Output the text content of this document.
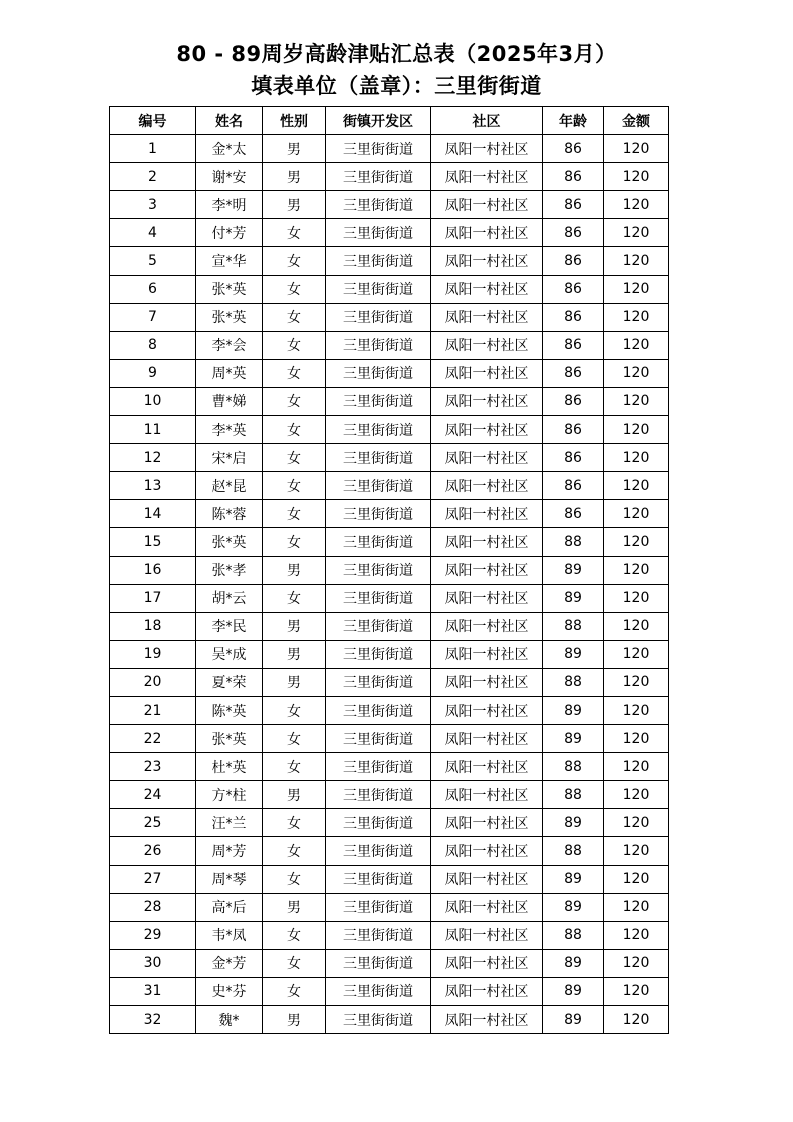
80 - 89周岁高龄津贴汇总表（2025年3月）
填表单位（盖章）：三里街街道
编号	姓名	性别	街镇开发区	社区	年龄	金额
1	金*太	男	三里街街道	凤阳一村社区	86	120
2	谢*安	男	三里街街道	凤阳一村社区	86	120
3	李*明	男	三里街街道	凤阳一村社区	86	120
4	付*芳	女	三里街街道	凤阳一村社区	86	120
5	宣*华	女	三里街街道	凤阳一村社区	86	120
6	张*英	女	三里街街道	凤阳一村社区	86	120
7	张*英	女	三里街街道	凤阳一村社区	86	120
8	李*会	女	三里街街道	凤阳一村社区	86	120
9	周*英	女	三里街街道	凤阳一村社区	86	120
10	曹*娣	女	三里街街道	凤阳一村社区	86	120
11	李*英	女	三里街街道	凤阳一村社区	86	120
12	宋*启	女	三里街街道	凤阳一村社区	86	120
13	赵*昆	女	三里街街道	凤阳一村社区	86	120
14	陈*蓉	女	三里街街道	凤阳一村社区	86	120
15	张*英	女	三里街街道	凤阳一村社区	88	120
16	张*孝	男	三里街街道	凤阳一村社区	89	120
17	胡*云	女	三里街街道	凤阳一村社区	89	120
18	李*民	男	三里街街道	凤阳一村社区	88	120
19	吴*成	男	三里街街道	凤阳一村社区	89	120
20	夏*荣	男	三里街街道	凤阳一村社区	88	120
21	陈*英	女	三里街街道	凤阳一村社区	89	120
22	张*英	女	三里街街道	凤阳一村社区	89	120
23	杜*英	女	三里街街道	凤阳一村社区	88	120
24	方*柱	男	三里街街道	凤阳一村社区	88	120
25	汪*兰	女	三里街街道	凤阳一村社区	89	120
26	周*芳	女	三里街街道	凤阳一村社区	88	120
27	周*琴	女	三里街街道	凤阳一村社区	89	120
28	高*后	男	三里街街道	凤阳一村社区	89	120
29	韦*凤	女	三里街街道	凤阳一村社区	88	120
30	金*芳	女	三里街街道	凤阳一村社区	89	120
31	史*芬	女	三里街街道	凤阳一村社区	89	120
32	魏*	男	三里街街道	凤阳一村社区	89	120
